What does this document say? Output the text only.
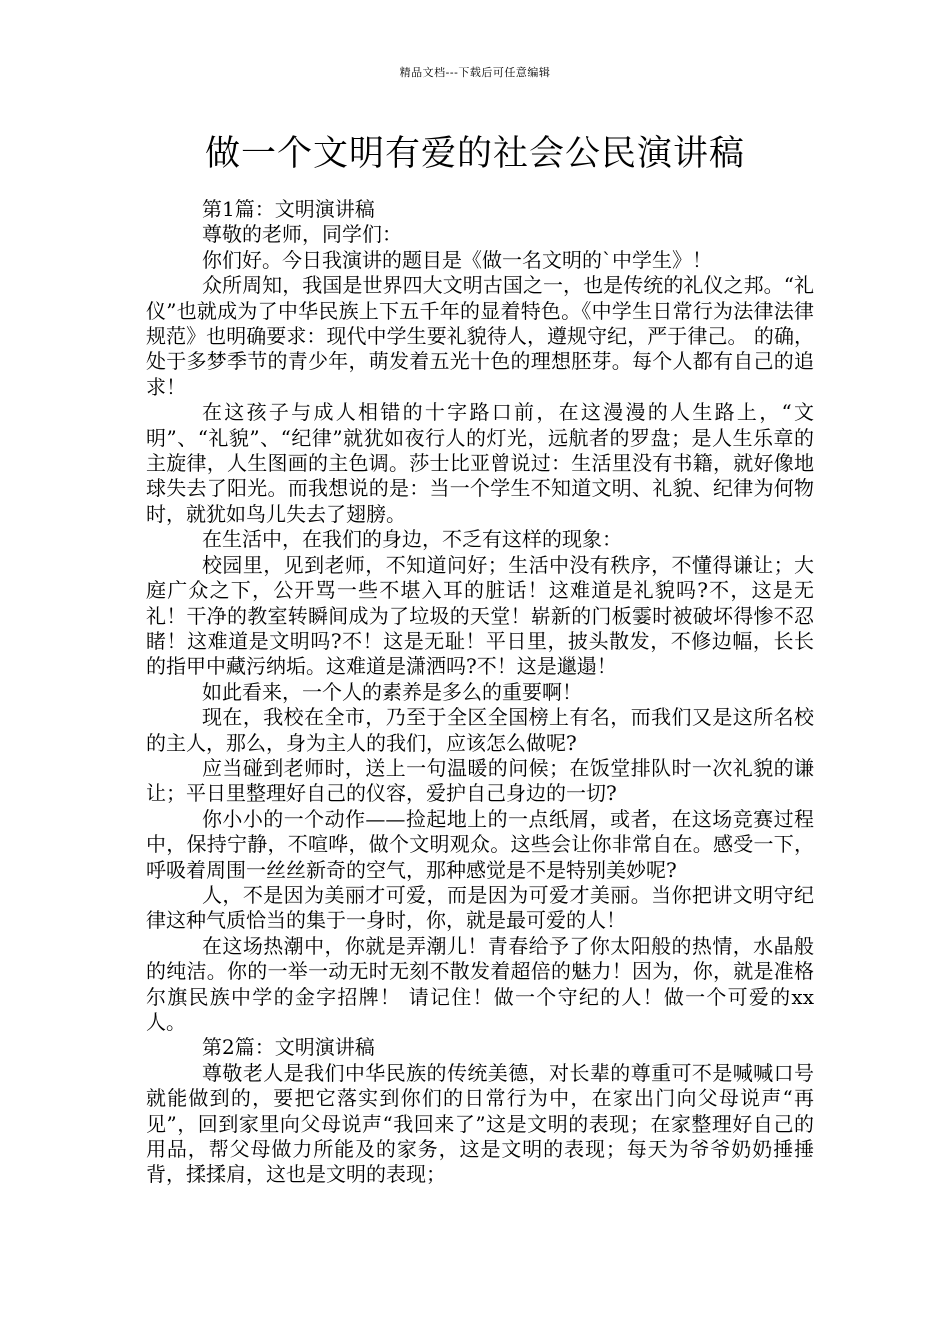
精品文档---下载后可任意编辑
做一个文明有爱的社会公民演讲稿

第1篇：文明演讲稿

尊敬的老师，同学们：

你们好。今日我演讲的题目是《做一名文明的`中学生》！

众所周知，我国是世界四大文明古国之一，也是传统的礼仪之邦。“礼仪”也就成为了中华民族上下五千年的显着特色。《中学生日常行为法律法律规范》也明确要求：现代中学生要礼貌待人，遵规守纪，严于律己。 的确，处于多梦季节的青少年，萌发着五光十色的理想胚芽。每个人都有自己的追求！

在这孩子与成人相错的十字路口前，在这漫漫的人生路上，“文明”、“礼貌”、“纪律”就犹如夜行人的灯光，远航者的罗盘；是人生乐章的主旋律，人生图画的主色调。莎士比亚曾说过：生活里没有书籍，就好像地球失去了阳光。而我想说的是：当一个学生不知道文明、礼貌、纪律为何物时，就犹如鸟儿失去了翅膀。

在生活中，在我们的身边，不乏有这样的现象：

校园里，见到老师，不知道问好；生活中没有秩序，不懂得谦让；大庭广众之下，公开骂一些不堪入耳的脏话！这难道是礼貌吗?不，这是无礼！干净的教室转瞬间成为了垃圾的天堂！崭新的门板霎时被破坏得惨不忍睹！这难道是文明吗?不！这是无耻！平日里，披头散发，不修边幅，长长的指甲中藏污纳垢。这难道是潇洒吗?不！这是邋遢！

如此看来，一个人的素养是多么的重要啊！

现在，我校在全市，乃至于全区全国榜上有名，而我们又是这所名校的主人，那么，身为主人的我们，应该怎么做呢?

应当碰到老师时，送上一句温暖的问候；在饭堂排队时一次礼貌的谦让；平日里整理好自己的仪容，爱护自己身边的一切?

你小小的一个动作——捡起地上的一点纸屑，或者，在这场竞赛过程中，保持宁静，不喧哗，做个文明观众。这些会让你非常自在。感受一下，呼吸着周围一丝丝新奇的空气，那种感觉是不是特别美妙呢?

人，不是因为美丽才可爱，而是因为可爱才美丽。当你把讲文明守纪律这种气质恰当的集于一身时，你，就是最可爱的人！

在这场热潮中，你就是弄潮儿！青春给予了你太阳般的热情，水晶般的纯洁。你的一举一动无时无刻不散发着超倍的魅力！因为，你，就是准格尔旗民族中学的金字招牌！ 请记住！做一个守纪的人！做一个可爱的xx人。

第2篇：文明演讲稿

尊敬老人是我们中华民族的传统美德，对长辈的尊重可不是喊喊口号就能做到的，要把它落实到你们的日常行为中，在家出门向父母说声“再见”，回到家里向父母说声“我回来了”这是文明的表现；在家整理好自己的用品，帮父母做力所能及的家务，这是文明的表现；每天为爷爷奶奶捶捶背，揉揉肩，这也是文明的表现；
